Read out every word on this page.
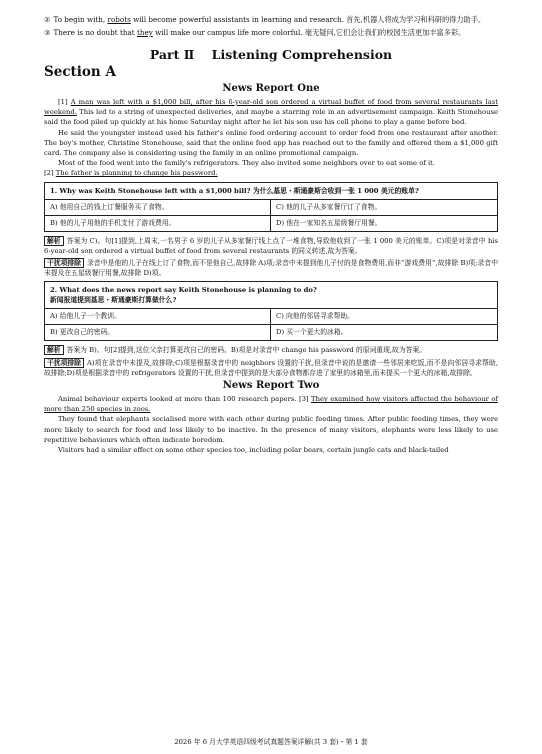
② To begin with, robots will become powerful assistants in learning and research. 首先,机器人将成为学习和科研的得力助手。

③ There is no doubt that they will make our campus life more colorful. 毫无疑问,它们会让我们的校园生活更加丰富多彩。

Part Ⅱ    Listening Comprehension
Section A
News Report One

[1] A man was left with a $1,000 bill, after his 6-year-old son ordered a virtual buffet of food from several restaurants last weekend. This led to a string of unexpected deliveries, and maybe a starring role in an advertisement campaign. Keith Stonehouse said the food piled up quickly at his home Saturday night after he let his son use his cell phone to play a game before bed.

He said the youngster instead used his father's online food ordering account to order food from one restaurant after another. The boy's mother, Christine Stonehouse, said that the online food app has reached out to the family and offered them a $1,000 gift card. The company also is considering using the family in an online promotional campaign.

Most of the food went into the family's refrigerators. They also invited some neighbors over to eat some of it.

[2] The father is planning to change his password.

1. Why was Keith Stonehouse left with a $1,000 bill? 为什么基思・斯通豪斯会收到一张 1 000 美元的账单?
A) 他用自己的钱上订餐服务买了食物。	C) 他的儿子从多家餐厅订了食物。
B) 他的儿子用他的手机支付了游戏费用。	D) 他在一家知名五星级餐厅用餐。

解析 答案为 C)。句[1]提到,上周末,一名男子 6 岁的儿子从多家餐厅线上点了一堆食物,导致他收到了一张 1 000 美元的账单。C)项是对录音中 his 6-year-old son ordered a virtual buffet of food from several restaurants 的同义转述,故为答案。

干扰项排除 录音中是他的儿子在线上订了食物,而不是他自己,故排除 A)项;录音中未提到他儿子付的是食物费用,而非“游戏费用”,故排除 B)项;录音中未提及在五星级餐厅用餐,故排除 D)项。

2. What does the news report say Keith Stonehouse is planning to do?
新闻报道提到基思・斯通豪斯打算做什么?
A) 给他儿子一个教训。	C) 向他的邻居寻求帮助。
B) 更改自己的密码。	D) 买一个更大的冰箱。

解析 答案为 B)。句[2]提到,这位父亲打算更改自己的密码。B)项是对录音中 change his password 的原词重现,故为答案。

干扰项排除 A)项在录音中未提及,故排除;C)项是根据录音中的 neighbors 设置的干扰,但录音中说的是邀请一些邻居来吃饭,而不是向邻居寻求帮助,故排除;D)项是根据录音中的 refrigerators 设置的干扰,但录音中提到的是大部分食物都存进了家里的冰箱里,而未提买一个更大的冰箱,故排除。

News Report Two

Animal behaviour experts looked at more than 100 research papers. [3] They examined how visitors affected the behaviour of more than 250 species in zoos.

They found that elephants socialised more with each other during public feeding times. After public feeding times, they were more likely to search for food and less likely to be inactive. In the presence of many visitors, elephants were less likely to use repetitive behaviours which often indicate boredom.

Visitors had a similar effect on some other species too, including polar bears, certain jungle cats and black-tailed

2026 年 6 月大学英语四级考试真题答案详解(共 3 套)・第 1 套
